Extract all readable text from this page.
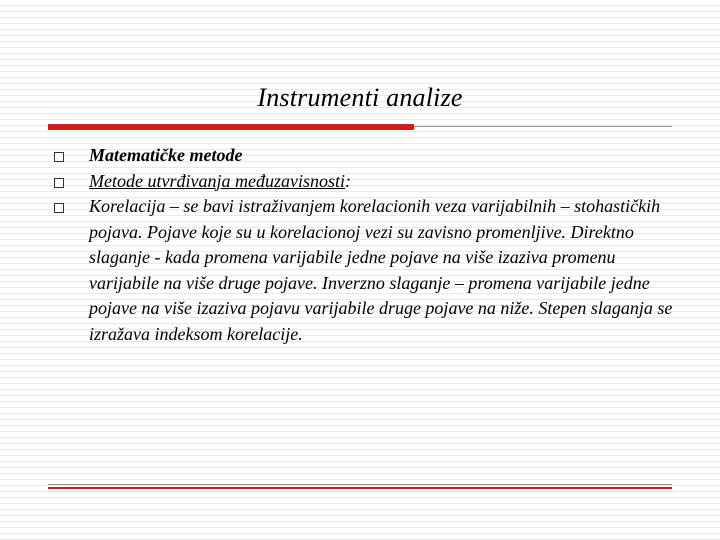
Instrumenti analize
Matematičke metode
Metode utvrđivanja međuzavisnosti:
Korelacija – se bavi istraživanjem korelacionih veza varijabilnih – stohastičkih pojava. Pojave koje su u korelacionoj vezi su zavisno promenljive. Direktno slaganje - kada promena varijabile jedne pojave na više izaziva promenu varijabile na više druge pojave. Inverzno slaganje – promena varijabile jedne pojave na više izaziva pojavu varijabile druge pojave na niže. Stepen slaganja se izražava indeksom korelacije.
